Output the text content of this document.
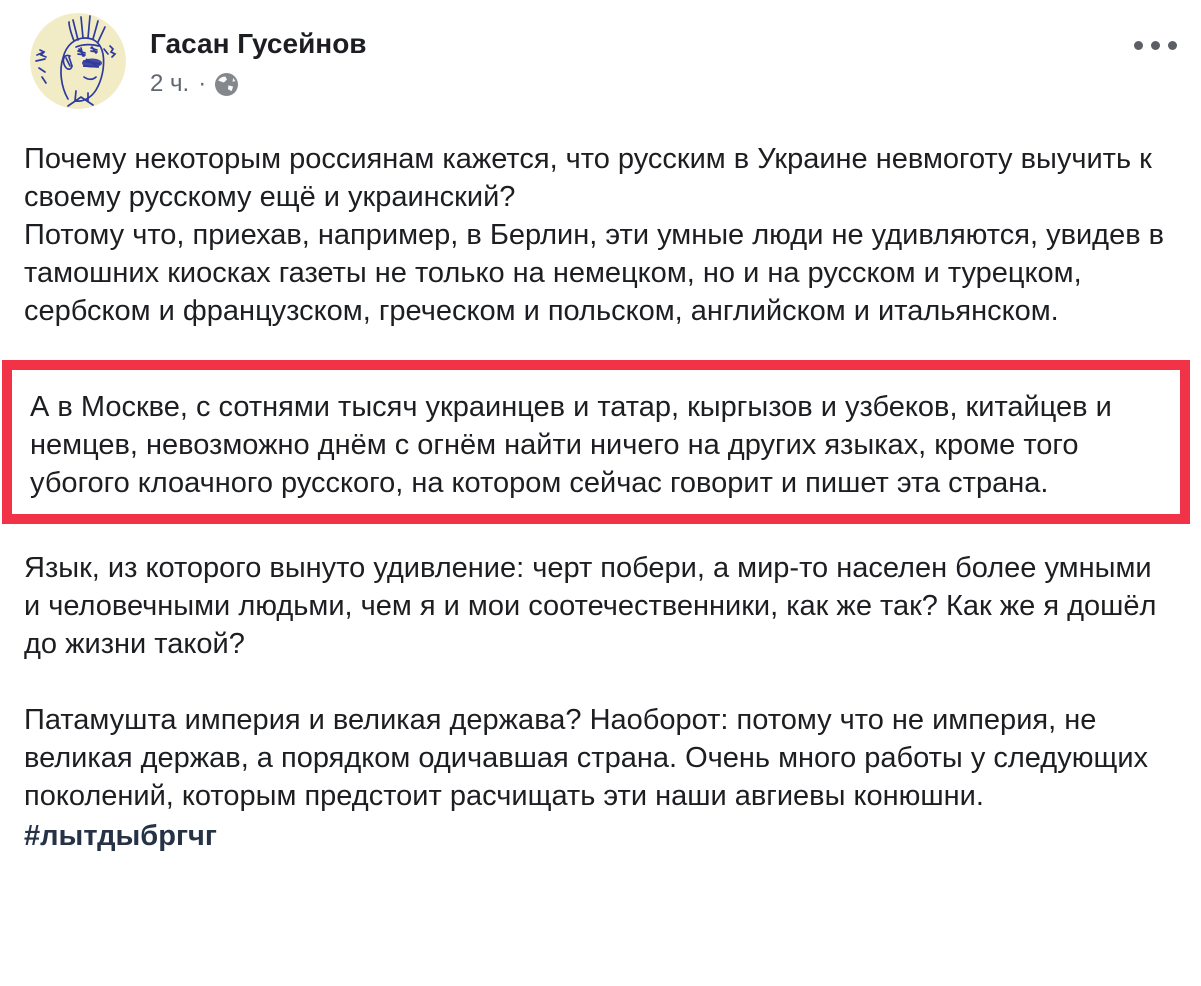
Гасан Гусейнов
2 ч. ·

Почему некоторым россиянам кажется, что русским в Украине невмоготу выучить к своему русскому ещё и украинский?

Потому что, приехав, например, в Берлин, эти умные люди не удивляются, увидев в тамошних киосках газеты не только на немецком, но и на русском и турецком, сербском и французском, греческом и польском, английском и итальянском.

А в Москве, с сотнями тысяч украинцев и татар, кыргызов и узбеков, китайцев и немцев, невозможно днём с огнём найти ничего на других языках, кроме того убогого клоачного русского, на котором сейчас говорит и пишет эта страна.

Язык, из которого вынуто удивление: черт побери, а мир-то населен более умными и человечными людьми, чем я и мои соотечественники, как же так? Как же я дошёл до жизни такой?

Патамушта империя и великая держава? Наоборот: потому что не империя, не великая держав, а порядком одичавшая страна. Очень много работы у следующих поколений, которым предстоит расчищать эти наши авгиевы конюшни.

#лытдыбргчг
